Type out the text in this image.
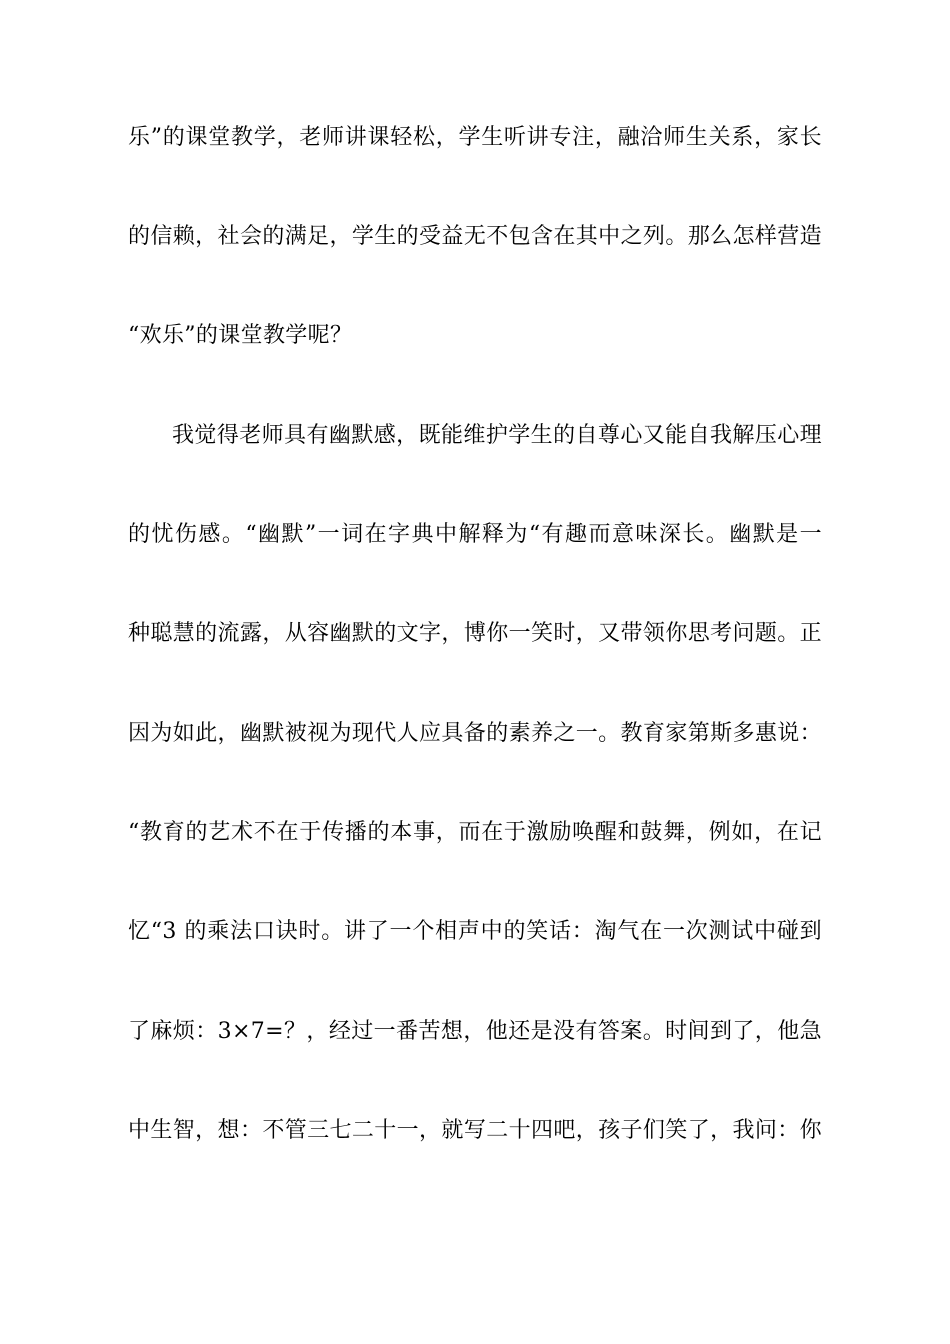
乐”的课堂教学，老师讲课轻松，学生听讲专注，融洽师生关系，家长
的信赖，社会的满足，学生的受益无不包含在其中之列。那么怎样营造
“欢乐”的课堂教学呢？
我觉得老师具有幽默感，既能维护学生的自尊心又能自我解压心理
的忧伤感。“幽默”一词在字典中解释为“有趣而意味深长。幽默是一
种聪慧的流露，从容幽默的文字，博你一笑时，又带领你思考问题。正
因为如此，幽默被视为现代人应具备的素养之一。教育家第斯多惠说：
“教育的艺术不在于传播的本事，而在于激励唤醒和鼓舞，例如，在记
忆“3 的乘法口诀时。讲了一个相声中的笑话：淘气在一次测试中碰到
了麻烦：3×7=？，经过一番苦想，他还是没有答案。时间到了，他急
中生智，想：不管三七二十一，就写二十四吧，孩子们笑了，我问：你
